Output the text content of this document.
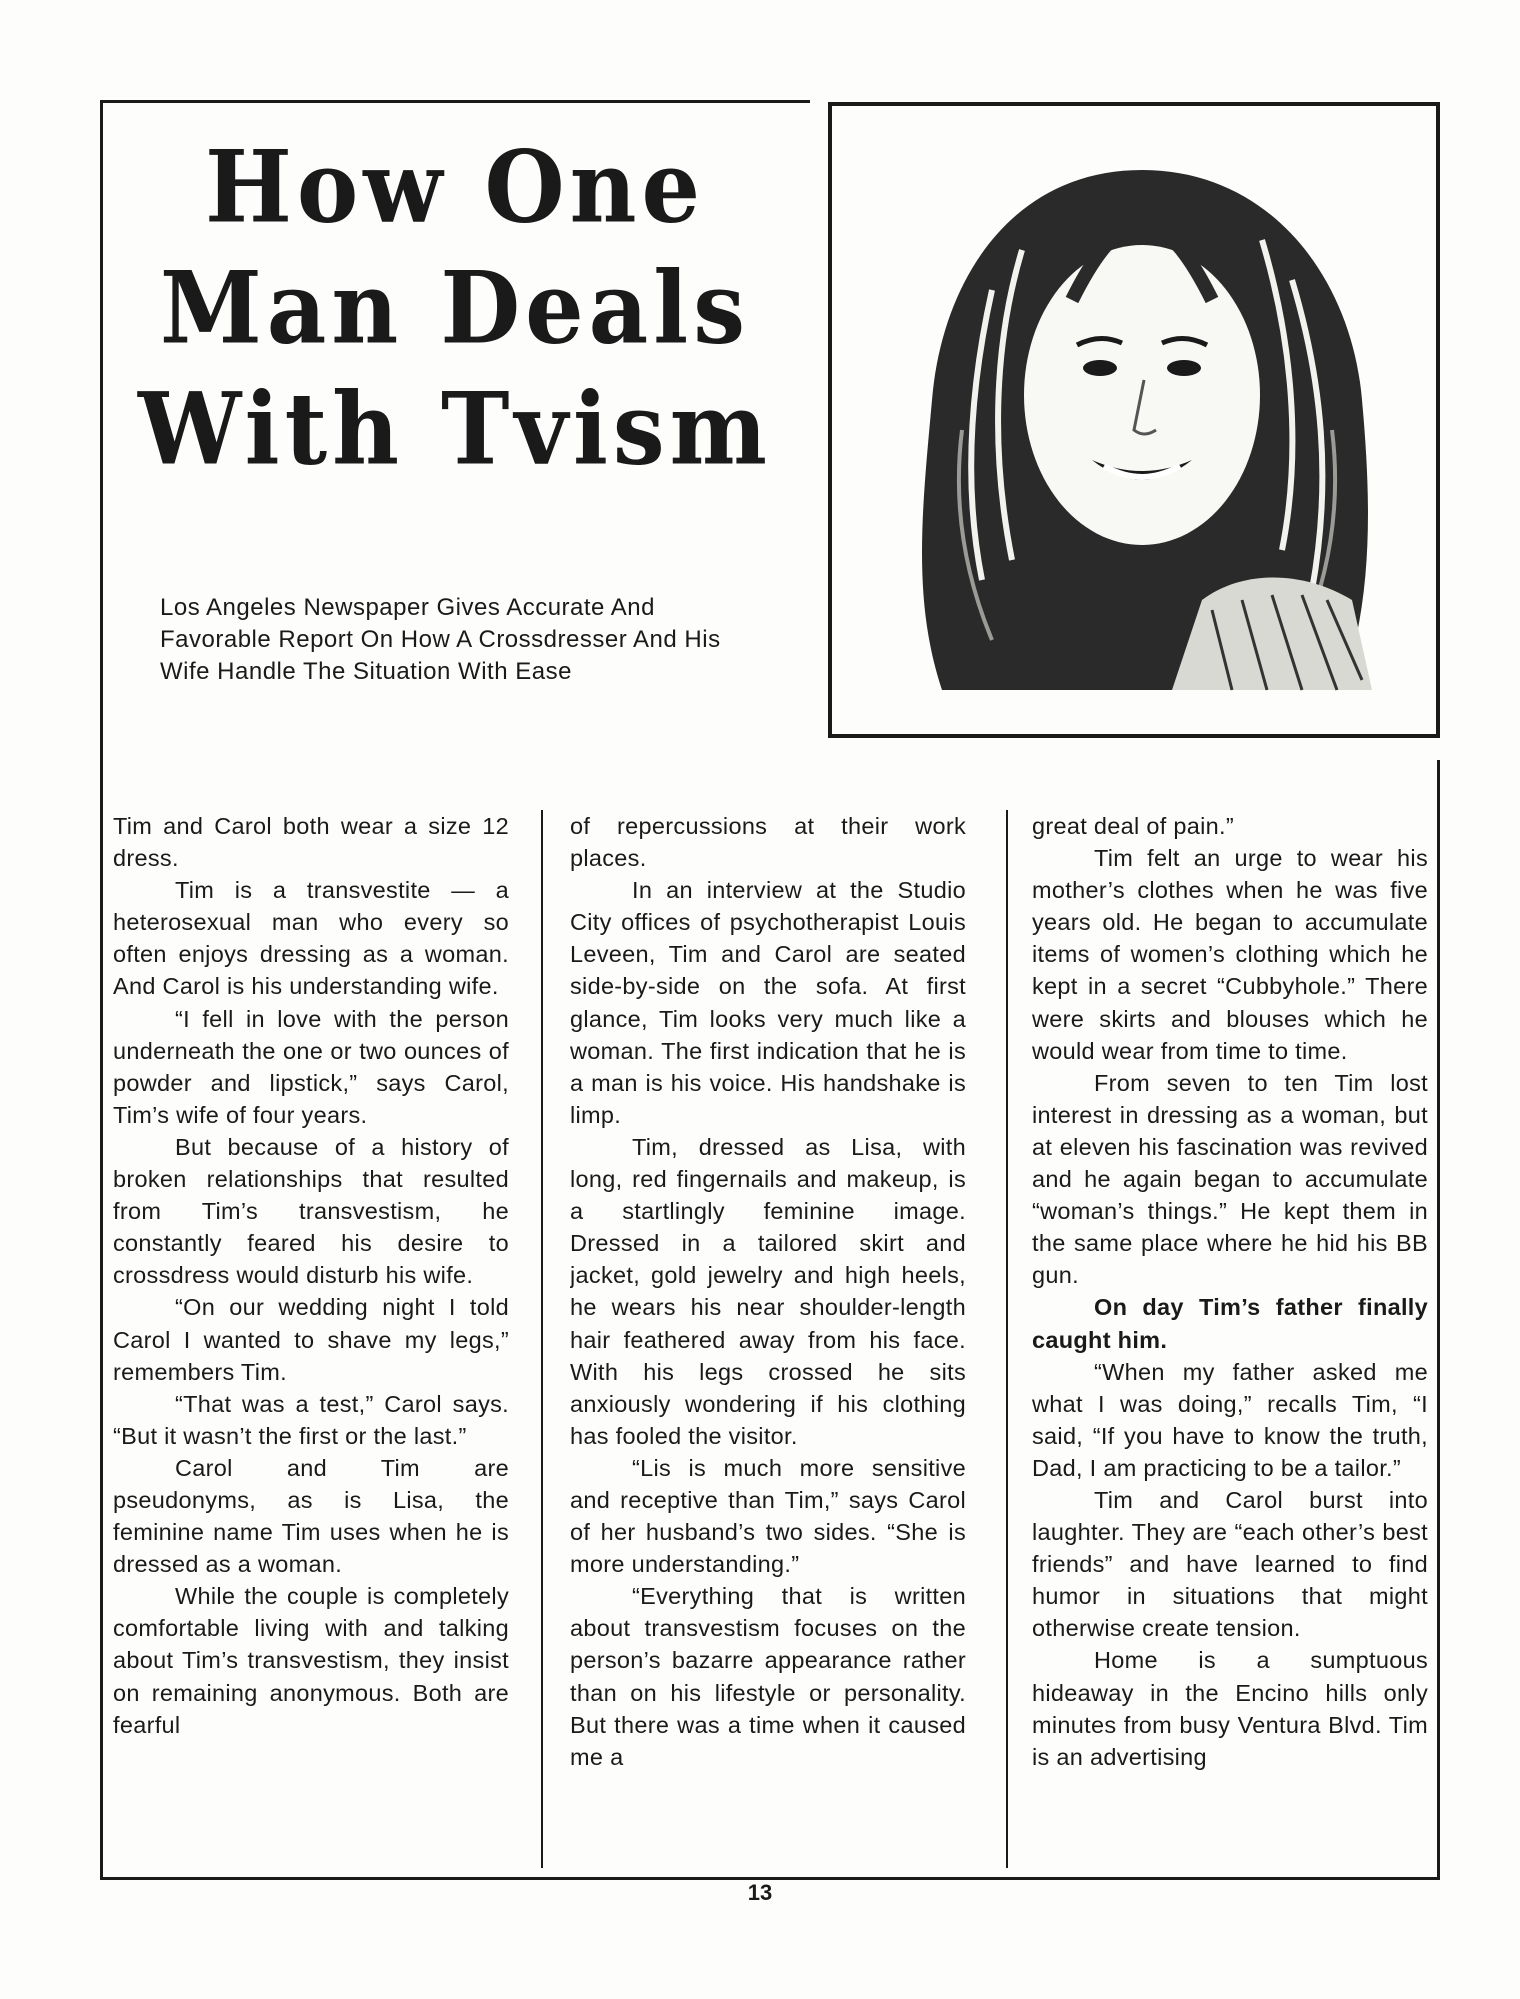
How One
Man Deals
With Tvism

Los Angeles Newspaper Gives Accurate And Favorable Report On How A Crossdresser And His Wife Handle The Situation With Ease

Tim and Carol both wear a size 12 dress.

Tim is a transvestite — a heterosexual man who every so often enjoys dressing as a woman. And Carol is his understanding wife.

“I fell in love with the person underneath the one or two ounces of powder and lipstick,” says Carol, Tim’s wife of four years.

But because of a history of broken relationships that resulted from Tim’s transvestism, he constantly feared his desire to crossdress would disturb his wife.

“On our wedding night I told Carol I wanted to shave my legs,” remembers Tim.

“That was a test,” Carol says. “But it wasn’t the first or the last.”

Carol and Tim are pseudonyms, as is Lisa, the feminine name Tim uses when he is dressed as a woman.

While the couple is completely comfortable living with and talking about Tim’s transvestism, they insist on remaining anonymous. Both are fearful

of repercussions at their work places.

In an interview at the Studio City offices of psychotherapist Louis Leveen, Tim and Carol are seated side-by-side on the sofa. At first glance, Tim looks very much like a woman. The first indication that he is a man is his voice. His handshake is limp.

Tim, dressed as Lisa, with long, red fingernails and makeup, is a startlingly feminine image. Dressed in a tailored skirt and jacket, gold jewelry and high heels, he wears his near shoulder-length hair feathered away from his face. With his legs crossed he sits anxiously wondering if his clothing has fooled the visitor.

“Lis is much more sensitive and receptive than Tim,” says Carol of her husband’s two sides. “She is more understanding.”

“Everything that is written about transvestism focuses on the person’s bazarre appearance rather than on his lifestyle or personality. But there was a time when it caused me a

great deal of pain.”

Tim felt an urge to wear his mother’s clothes when he was five years old. He began to accumulate items of women’s clothing which he kept in a secret “Cubbyhole.” There were skirts and blouses which he would wear from time to time.

From seven to ten Tim lost interest in dressing as a woman, but at eleven his fascination was revived and he again began to accumulate “woman’s things.” He kept them in the same place where he hid his BB gun.

On day Tim’s father finally caught him.

“When my father asked me what I was doing,” recalls Tim, “I said, “If you have to know the truth, Dad, I am practicing to be a tailor.”

Tim and Carol burst into laughter. They are “each other’s best friends” and have learned to find humor in situations that might otherwise create tension.

Home is a sumptuous hideaway in the Encino hills only minutes from busy Ventura Blvd. Tim is an advertising

13
